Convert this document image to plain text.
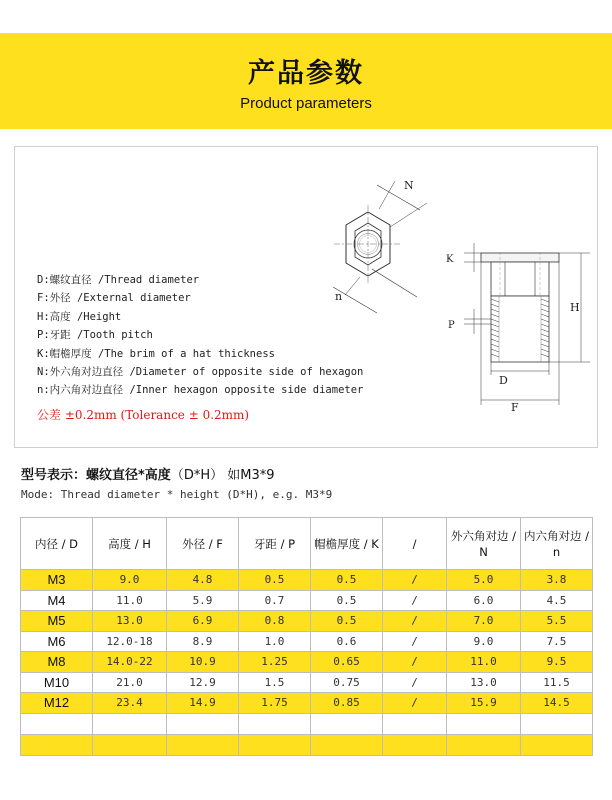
产品参数
Product parameters
N
n
K
P
H
D
F
D:螺纹直径 /Thread diameter
F:外径 /External diameter
H:高度 /Height
P:牙距 /Tooth pitch
K:帽檐厚度 /The brim of a hat thickness
N:外六角对边直径 /Diameter of opposite side of hexagon
n:内六角对边直径 /Inner hexagon opposite side diameter
公差 ±0.2mm (Tolerance ± 0.2mm)
型号表示：螺纹直径*高度（D*H） 如M3*9
Mode: Thread diameter * height (D*H), e.g. M3*9
内径 / D	高度 / H	外径 / F	牙距 / P	帽檐厚度 / K	/	外六角对边 / N	内六角对边 / n
M3	9.0	4.8	0.5	0.5	/	5.0	3.8
M4	11.0	5.9	0.7	0.5	/	6.0	4.5
M5	13.0	6.9	0.8	0.5	/	7.0	5.5
M6	12.0-18	8.9	1.0	0.6	/	9.0	7.5
M8	14.0-22	10.9	1.25	0.65	/	11.0	9.5
M10	21.0	12.9	1.5	0.75	/	13.0	11.5
M12	23.4	14.9	1.75	0.85	/	15.9	14.5
